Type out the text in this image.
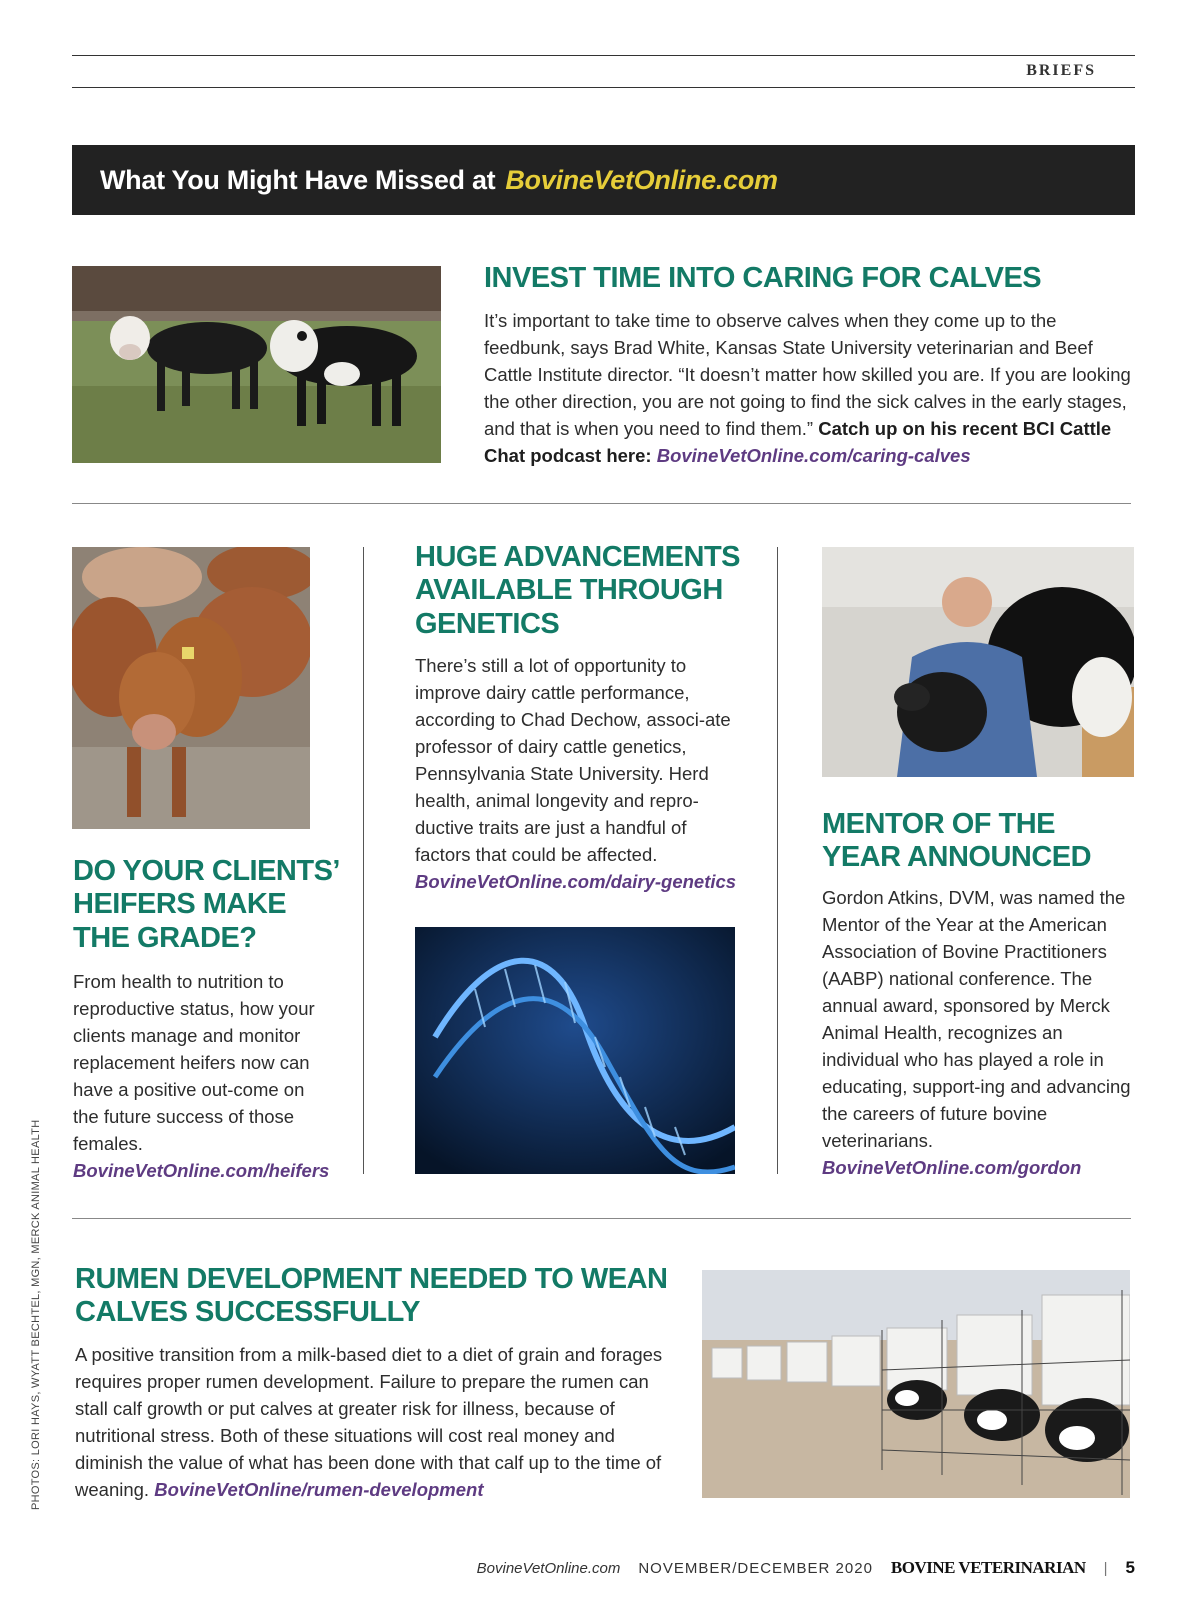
BRIEFS
What You Might Have Missed at BovineVetOnline.com
INVEST TIME INTO CARING FOR CALVES
It’s important to take time to observe calves when they come up to the feedbunk, says Brad White, Kansas State University veterinarian and Beef Cattle Institute director. “It doesn’t matter how skilled you are. If you are looking the other direction, you are not going to find the sick calves in the early stages, and that is when you need to find them.” Catch up on his recent BCI Cattle Chat podcast here: BovineVetOnline.com/caring-calves
DO YOUR CLIENTS’
HEIFERS MAKE
THE GRADE?
From health to nutrition to reproductive status, how your clients manage and monitor replacement heifers now can have a positive out-come on the future success of those females. BovineVetOnline.com/heifers
HUGE ADVANCEMENTS
AVAILABLE THROUGH
GENETICS
There’s still a lot of opportunity to improve dairy cattle performance, according to Chad Dechow, associ-ate professor of dairy cattle genetics, Pennsylvania State University. Herd health, animal longevity and repro-ductive traits are just a handful of factors that could be affected. BovineVetOnline.com/dairy-genetics
MENTOR OF THE
YEAR ANNOUNCED
Gordon Atkins, DVM, was named the Mentor of the Year at the American Association of Bovine Practitioners (AABP) national conference. The annual award, sponsored by Merck Animal Health, recognizes an individual who has played a role in educating, support-ing and advancing the careers of future bovine veterinarians. BovineVetOnline.com/gordon
RUMEN DEVELOPMENT NEEDED TO WEAN
CALVES SUCCESSFULLY
A positive transition from a milk-based diet to a diet of grain and forages requires proper rumen development. Failure to prepare the rumen can stall calf growth or put calves at greater risk for illness, because of nutritional stress. Both of these situations will cost real money and diminish the value of what has been done with that calf up to the time of weaning. BovineVetOnline/rumen-development
PHOTOS: LORI HAYS, WYATT BECHTEL, MGN, MERCK ANIMAL HEALTH
BovineVetOnline.com NOVEMBER/DECEMBER 2020 BOVINE VETERINARIAN | 5
